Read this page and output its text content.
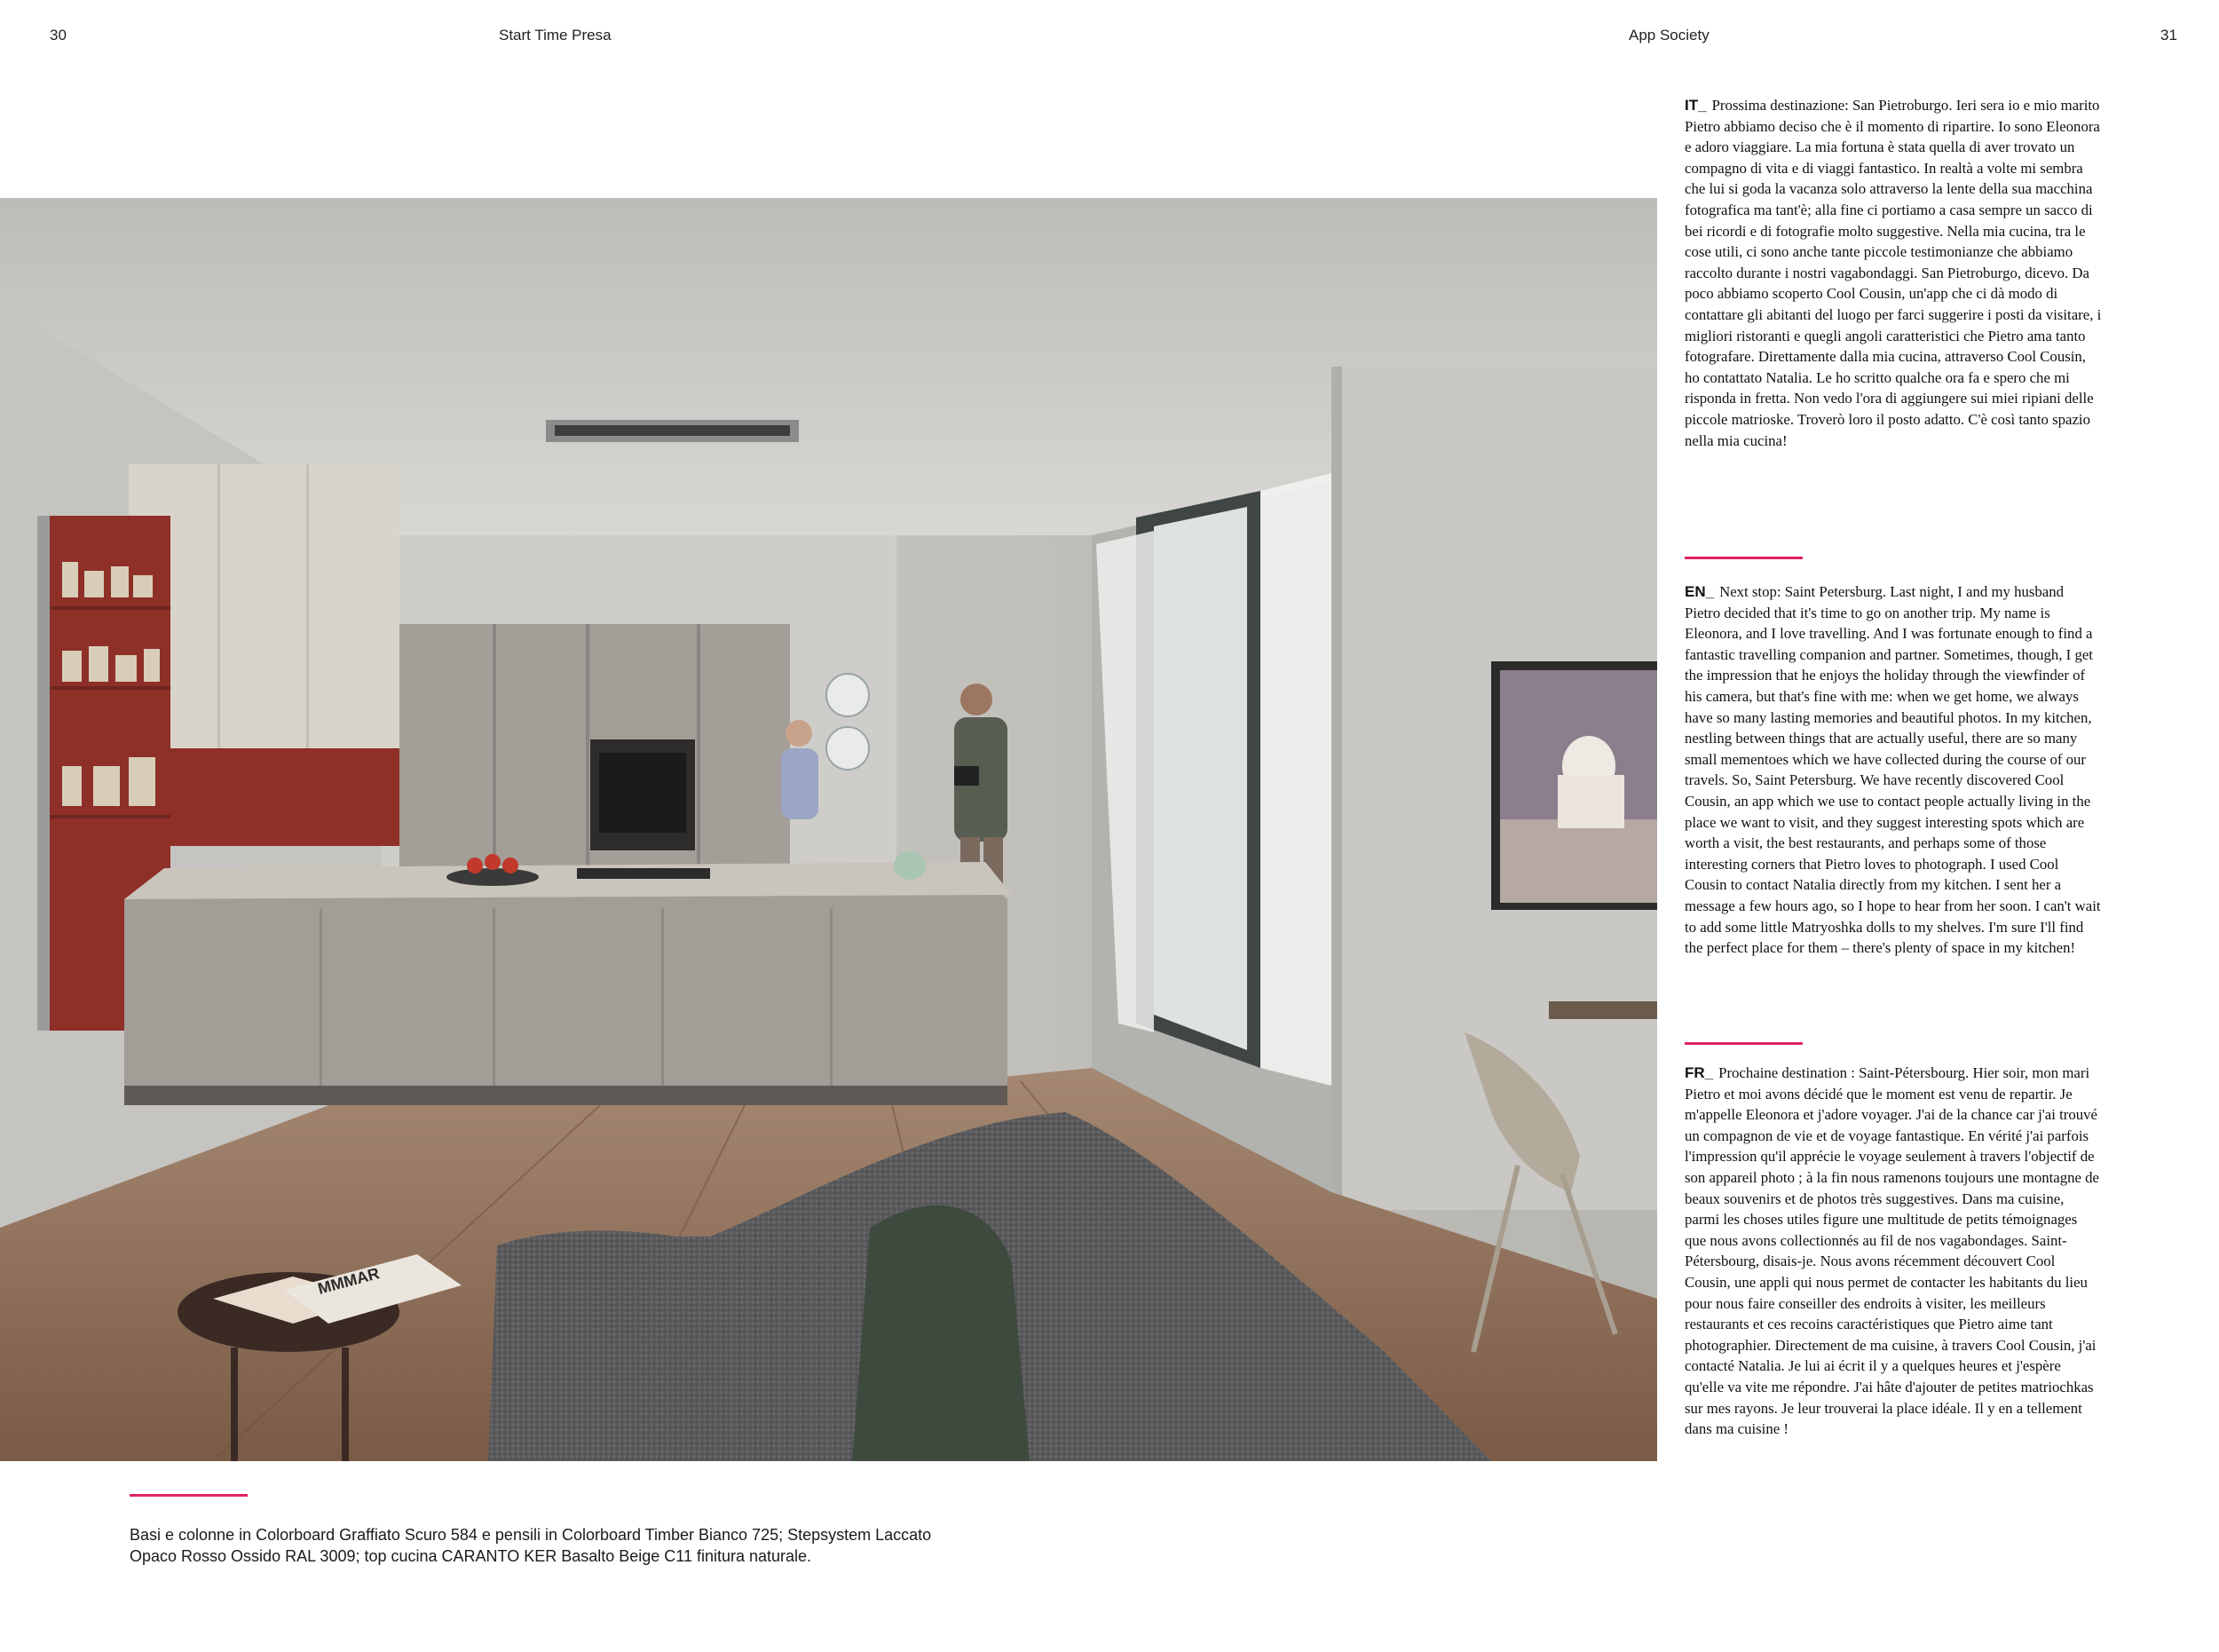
30	Start Time Presa	App Society	31
MMMAR
Basi e colonne in Colorboard Graffiato Scuro 584 e pensili in Colorboard Timber Bianco 725; Stepsystem Laccato Opaco Rosso Ossido RAL 3009; top cucina CARANTO KER Basalto Beige C11 finitura naturale.
IT_ Prossima destinazione: San Pietroburgo. Ieri sera io e mio marito Pietro abbiamo deciso che è il momento di ripartire. Io sono Eleonora e adoro viaggiare. La mia fortuna è stata quella di aver trovato un compagno di vita e di viaggi fantastico. In realtà a volte mi sembra che lui si goda la vacanza solo attraverso la lente della sua macchina fotografica ma tant'è; alla fine ci portiamo a casa sempre un sacco di bei ricordi e di fotografie molto suggestive. Nella mia cucina, tra le cose utili, ci sono anche tante piccole testimonianze che abbiamo raccolto durante i nostri vagabondaggi. San Pietroburgo, dicevo. Da poco abbiamo scoperto Cool Cousin, un'app che ci dà modo di contattare gli abitanti del luogo per farci suggerire i posti da visitare, i migliori ristoranti e quegli angoli caratteristici che Pietro ama tanto fotografare. Direttamente dalla mia cucina, attraverso Cool Cousin, ho contattato Natalia. Le ho scritto qualche ora fa e spero che mi risponda in fretta. Non vedo l'ora di aggiungere sui miei ripiani delle piccole matrioske. Troverò loro il posto adatto. C'è così tanto spazio nella mia cucina!
EN_ Next stop: Saint Petersburg. Last night, I and my husband Pietro decided that it's time to go on another trip. My name is Eleonora, and I love travelling. And I was fortunate enough to find a fantastic travelling companion and partner. Sometimes, though, I get the impression that he enjoys the holiday through the viewfinder of his camera, but that's fine with me: when we get home, we always have so many lasting memories and beautiful photos. In my kitchen, nestling between things that are actually useful, there are so many small mementoes which we have collected during the course of our travels. So, Saint Petersburg. We have recently discovered Cool Cousin, an app which we use to contact people actually living in the place we want to visit, and they suggest interesting spots which are worth a visit, the best restaurants, and perhaps some of those interesting corners that Pietro loves to photograph. I used Cool Cousin to contact Natalia directly from my kitchen. I sent her a message a few hours ago, so I hope to hear from her soon. I can't wait to add some little Matryoshka dolls to my shelves. I'm sure I'll find the perfect place for them – there's plenty of space in my kitchen!
FR_ Prochaine destination : Saint-Pétersbourg. Hier soir, mon mari Pietro et moi avons décidé que le moment est venu de repartir. Je m'appelle Eleonora et j'adore voyager. J'ai de la chance car j'ai trouvé un compagnon de vie et de voyage fantastique. En vérité j'ai parfois l'impression qu'il apprécie le voyage seulement à travers l'objectif de son appareil photo ; à la fin nous ramenons toujours une montagne de beaux souvenirs et de photos très suggestives. Dans ma cuisine, parmi les choses utiles figure une multitude de petits témoignages que nous avons collectionnés au fil de nos vagabondages. Saint-Pétersbourg, disais-je. Nous avons récemment découvert Cool Cousin, une appli qui nous permet de contacter les habitants du lieu pour nous faire conseiller des endroits à visiter, les meilleurs restaurants et ces recoins caractéristiques que Pietro aime tant photographier. Directement de ma cuisine, à travers Cool Cousin, j'ai contacté Natalia. Je lui ai écrit il y a quelques heures et j'espère qu'elle va vite me répondre. J'ai hâte d'ajouter de petites matriochkas sur mes rayons. Je leur trouverai la place idéale. Il y en a tellement dans ma cuisine !
